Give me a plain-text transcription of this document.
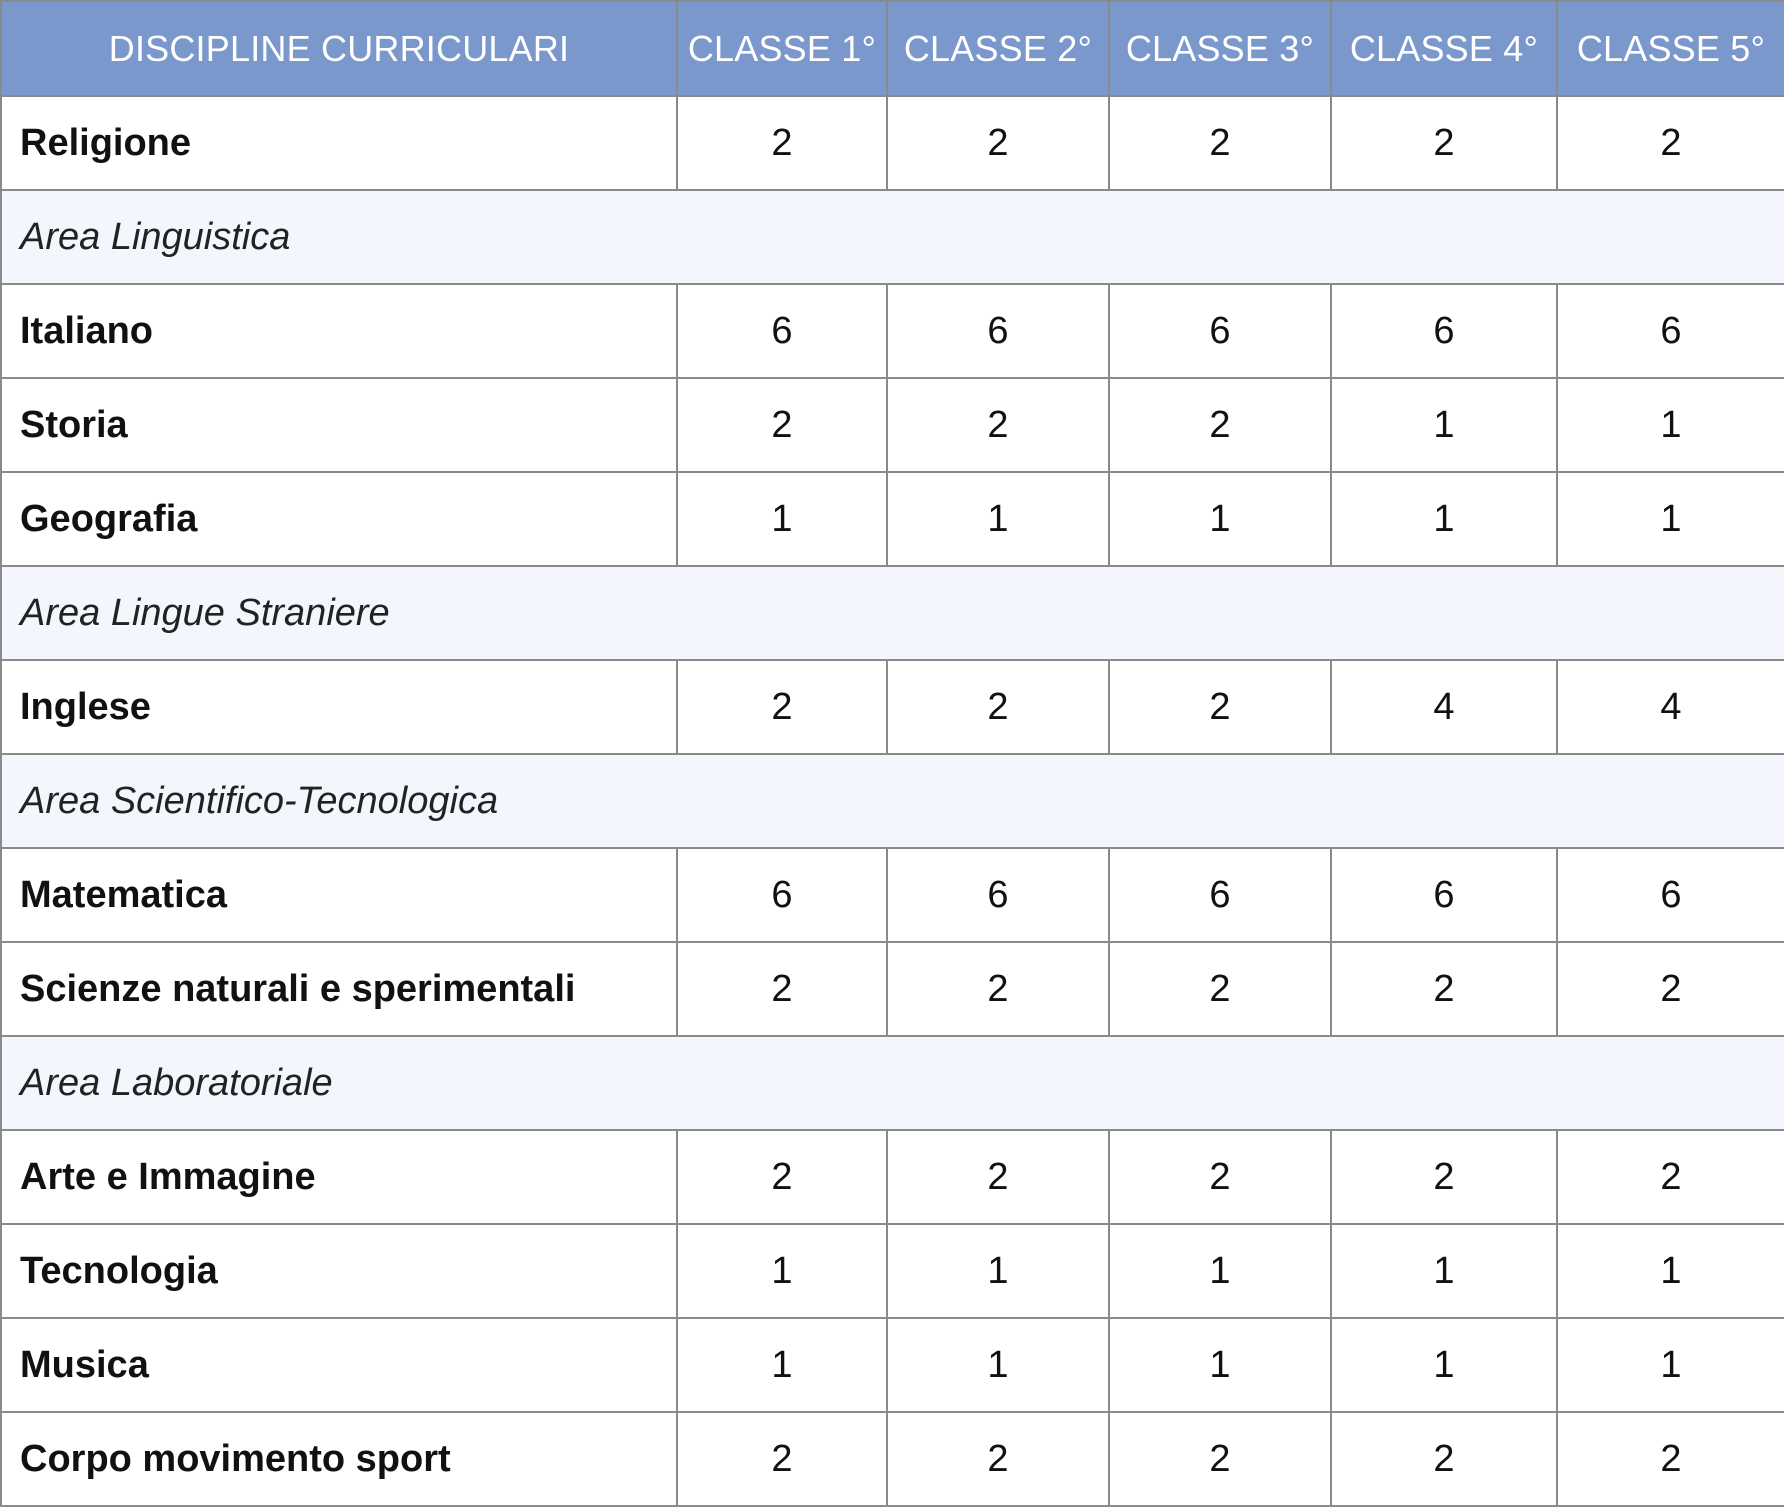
DISCIPLINE CURRICULARI	CLASSE 1°	CLASSE 2°	CLASSE 3°	CLASSE 4°	CLASSE 5°
Religione	2	2	2	2	2
Area Linguistica					
Italiano	6	6	6	6	6
Storia	2	2	2	1	1
Geografia	1	1	1	1	1
Area Lingue Straniere					
Inglese	2	2	2	4	4
Area Scientifico-Tecnologica					
Matematica	6	6	6	6	6
Scienze naturali e sperimentali	2	2	2	2	2
Area Laboratoriale					
Arte e Immagine	2	2	2	2	2
Tecnologia	1	1	1	1	1
Musica	1	1	1	1	1
Corpo movimento sport	2	2	2	2	2
